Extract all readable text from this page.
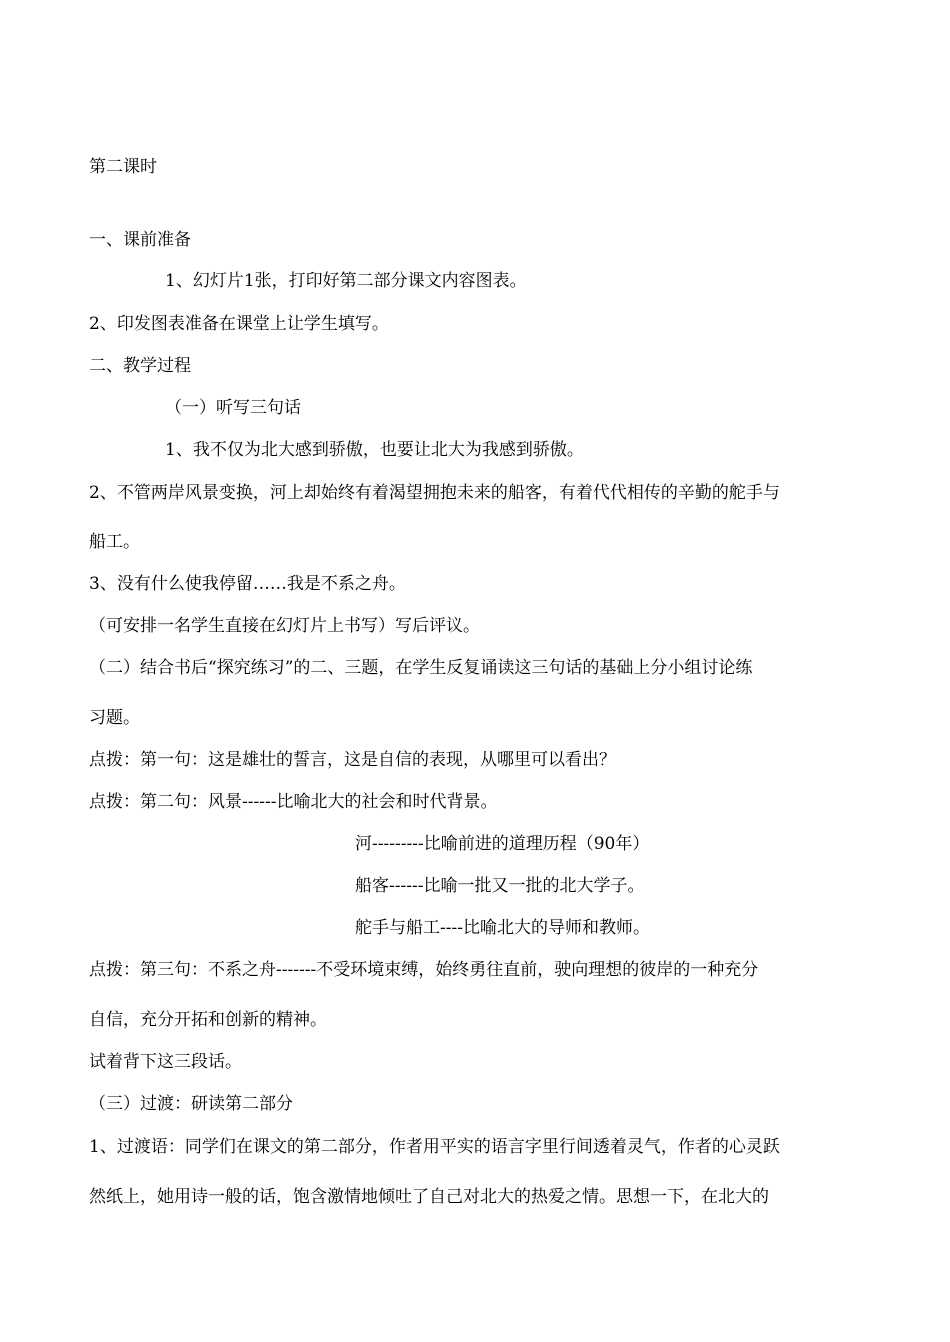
第二课时
一、课前准备
1、幻灯片1张，打印好第二部分课文内容图表。
2、印发图表准备在课堂上让学生填写。
二、教学过程
（一）听写三句话
1、我不仅为北大感到骄傲，也要让北大为我感到骄傲。
2、不管两岸风景变换，河上却始终有着渴望拥抱未来的船客，有着代代相传的辛勤的舵手与
船工。
3、没有什么使我停留……我是不系之舟。
（可安排一名学生直接在幻灯片上书写）写后评议。
（二）结合书后“探究练习”的二、三题，在学生反复诵读这三句话的基础上分小组讨论练
习题。
点拨：第一句：这是雄壮的誓言，这是自信的表现，从哪里可以看出？
点拨：第二句：风景------比喻北大的社会和时代背景。
河---------比喻前进的道理历程（90年）
船客------比喻一批又一批的北大学子。
舵手与船工----比喻北大的导师和教师。
点拨：第三句：不系之舟-------不受环境束缚，始终勇往直前，驶向理想的彼岸的一种充分
自信，充分开拓和创新的精神。
试着背下这三段话。
（三）过渡：研读第二部分
1、过渡语：同学们在课文的第二部分，作者用平实的语言字里行间透着灵气，作者的心灵跃
然纸上，她用诗一般的话，饱含激情地倾吐了自己对北大的热爱之情。思想一下，在北大的
